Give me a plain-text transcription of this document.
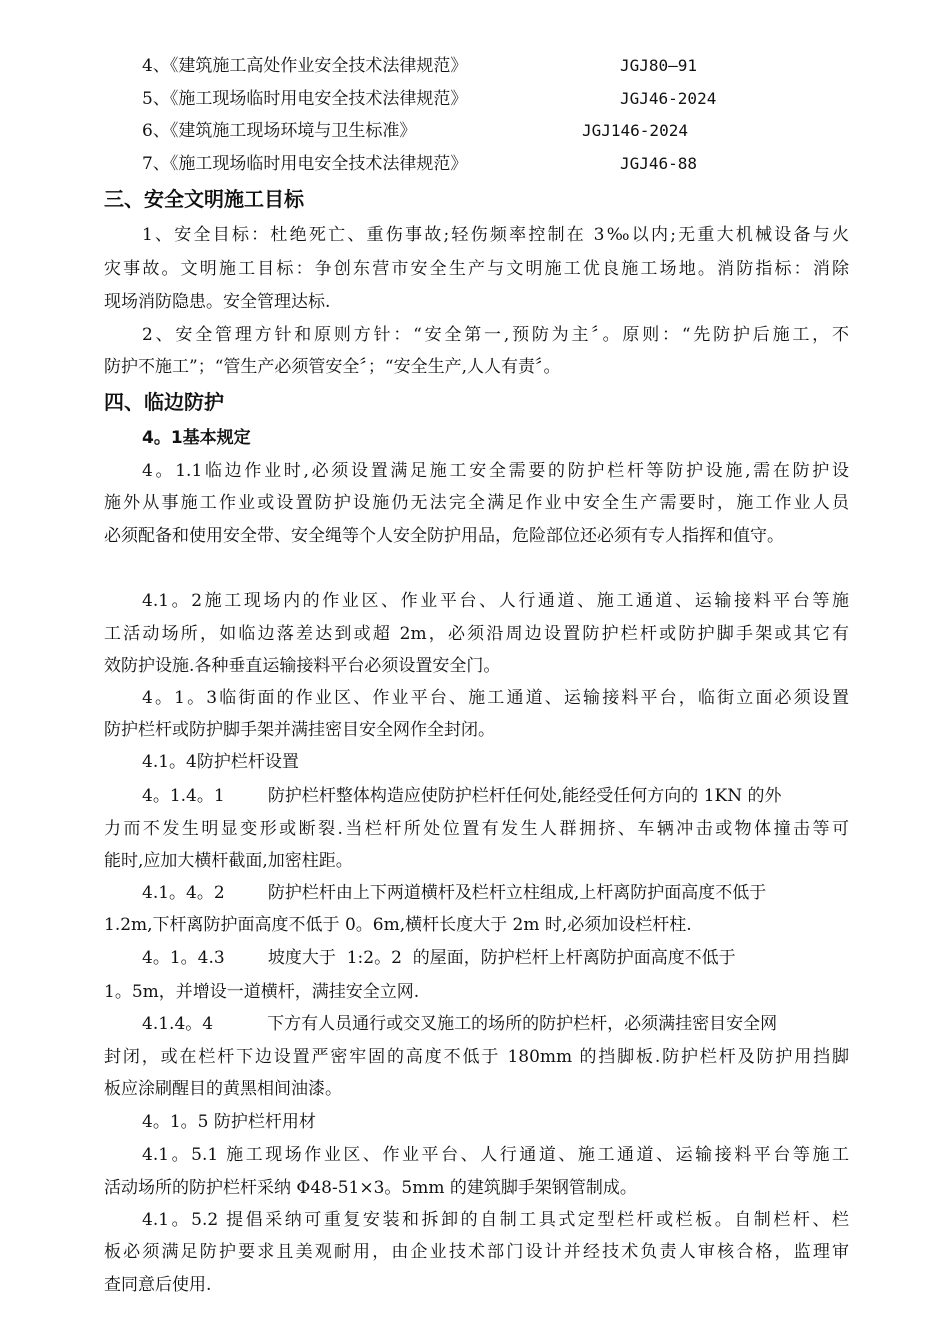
4、《建筑施工高处作业安全技术法律规范》	JGJ80—91
5、《施工现场临时用电安全技术法律规范》	JGJ46-2024
6、《建筑施工现场环境与卫生标准》	JGJ146-2024
7、《施工现场临时用电安全技术法律规范》	JGJ46-88
三、安全文明施工目标
1、安全目标：杜绝死亡、重伤事故;轻伤频率控制在 3‰以内;无重大机械设备与火
灾事故。文明施工目标：争创东营市安全生产与文明施工优良施工场地。消防指标：消除
现场消防隐患。安全管理达标.
2、安全管理方针和原则方针：“安全第一,预防为主〞。原则：“先防护后施工，不
防护不施工”；“管生产必须管安全〞；“安全生产,人人有责〞。
四、临边防护
4。1基本规定
4。1.1临边作业时,必须设置满足施工安全需要的防护栏杆等防护设施,需在防护设
施外从事施工作业或设置防护设施仍无法完全满足作业中安全生产需要时，施工作业人员
必须配备和使用安全带、安全绳等个人安全防护用品，危险部位还必须有专人指挥和值守。
4.1。2施工现场内的作业区、作业平台、人行通道、施工通道、运输接料平台等施
工活动场所，如临边落差达到或超 2m，必须沿周边设置防护栏杆或防护脚手架或其它有
效防护设施.各种垂直运输接料平台必须设置安全门。
4。1。3临街面的作业区、作业平台、施工通道、运输接料平台，临街立面必须设置
防护栏杆或防护脚手架并满挂密目安全网作全封闭。
4.1。4防护栏杆设置
4。1.4。1        防护栏杆整体构造应使防护栏杆任何处,能经受任何方向的 1KN 的外
力而不发生明显变形或断裂.当栏杆所处位置有发生人群拥挤、车辆冲击或物体撞击等可
能时,应加大横杆截面,加密柱距。
4.1。4。2        防护栏杆由上下两道横杆及栏杆立柱组成,上杆离防护面高度不低于
1.2m,下杆离防护面高度不低于 0。6m,横杆长度大于 2m 时,必须加设栏杆柱.
4。1。4.3        坡度大于  1:2。2  的屋面，防护栏杆上杆离防护面高度不低于
1。5m，并增设一道横杆，满挂安全立网.
4.1.4。4          下方有人员通行或交叉施工的场所的防护栏杆，必须满挂密目安全网
封闭，或在栏杆下边设置严密牢固的高度不低于 180mm 的挡脚板.防护栏杆及防护用挡脚
板应涂刷醒目的黄黑相间油漆。
4。1。5 防护栏杆用材
4.1。5.1 施工现场作业区、作业平台、人行通道、施工通道、运输接料平台等施工
活动场所的防护栏杆采纳 Φ48-51×3。5mm 的建筑脚手架钢管制成。
4.1。5.2 提倡采纳可重复安装和拆卸的自制工具式定型栏杆或栏板。自制栏杆、栏
板必须满足防护要求且美观耐用，由企业技术部门设计并经技术负责人审核合格，监理审
查同意后使用.
